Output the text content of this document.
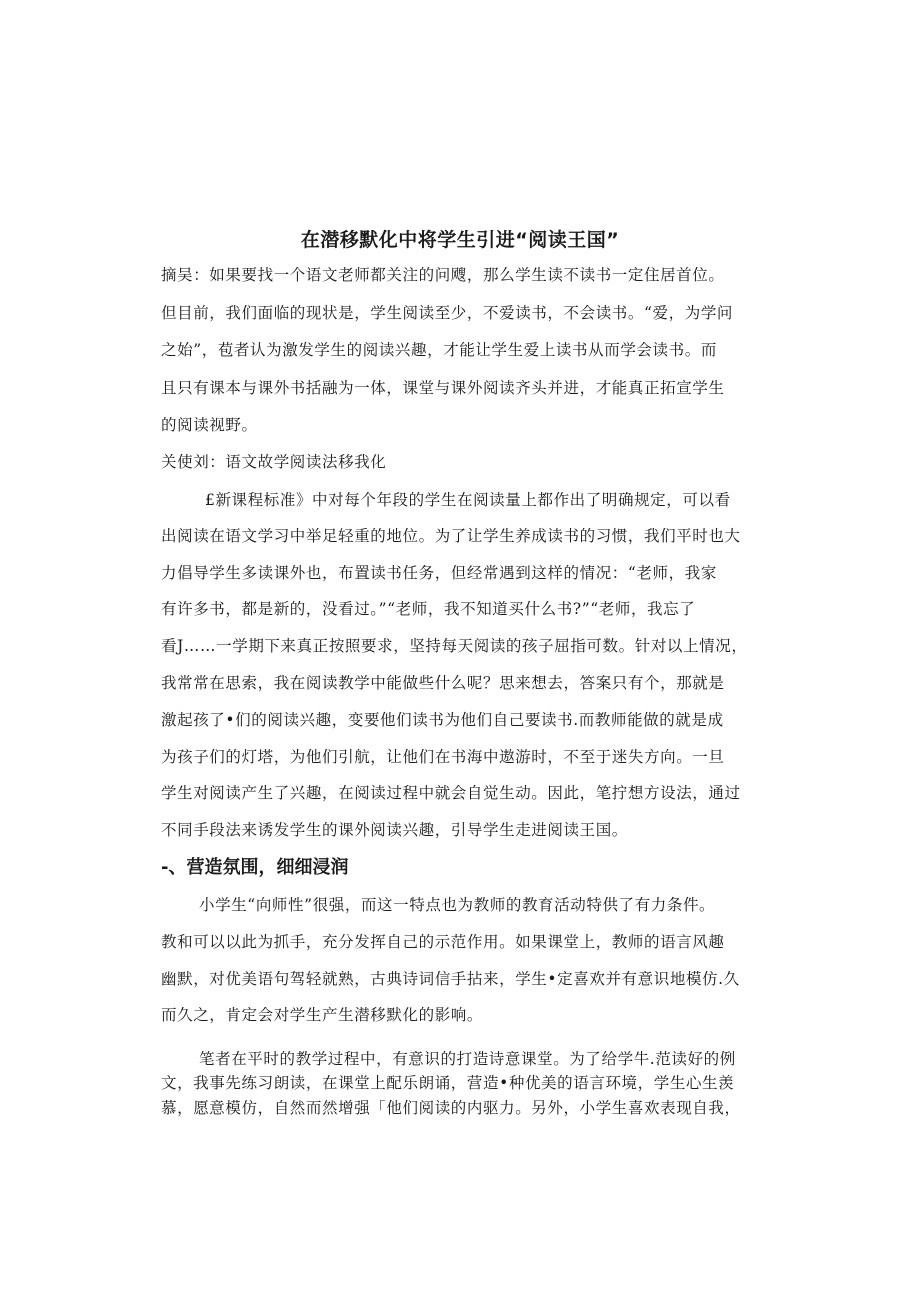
在潜移默化中将学生引进“阅读王国”
摘吴：如果要找一个语文老师都关注的问飕，那么学生读不读书一定住居首位。
但目前，我们面临的现状是，学生阅读至少，不爱读书，不会读书。“爱，为学问
之始”，苞者认为激发学生的阅读兴趣，才能让学生爱上读书从而学会读书。而
且只有课本与课外书括融为一体，课堂与课外阅读齐头并进，才能真正拓宣学生
的阅读视野。
关使刘：语文故学阅读法移我化
£新课程标准》中对每个年段的学生在阅读量上都作出了明确规定，可以看
出阅读在语文学习中举足轻重的地位。为了让学生养成读书的习惯，我们平时也大
力倡导学生多读课外也，布置读书任务，但经常遇到这样的情况：“老师，我家
有许多书，都是新的，没看过。”“老师，我不知道买什么书?”“老师，我忘了
看J……一学期下来真正按照要求，坚持每天阅读的孩子屈指可数。针对以上情况，
我常常在思索，我在阅读教学中能做些什么呢？思来想去，答案只有个，那就是
激起孩了•们的阅读兴趣，变要他们读书为他们自己要读书.而教师能做的就是成
为孩子们的灯塔，为他们引航，让他们在书海中遨游时，不至于迷失方向。一旦
学生对阅读产生了兴趣，在阅读过程中就会自觉生动。因此，笔拧想方设法，通过
不同手段法来诱发学生的课外阅读兴趣，引导学生走进阅读王国。
-、营造氛围，细细浸润
小学生“向师性”很强，而这一特点也为教师的教育活动特供了有力条件。
教和可以以此为抓手，充分发挥自己的示范作用。如果课堂上，教师的语言风趣
幽默，对优美语句驾轻就熟，古典诗词信手拈来，学生•定喜欢并有意识地模仿.久
而久之，肯定会对学生产生潜移默化的影响。
笔者在平时的教学过程中，有意识的打造诗意课堂。为了给学牛.范读好的例
文，我事先练习朗读，在课堂上配乐朗诵，营造•种优美的语言环境，学生心生羡
慕，愿意模仿，自然而然增强「他们阅读的内驱力。另外，小学生喜欢表现自我，
